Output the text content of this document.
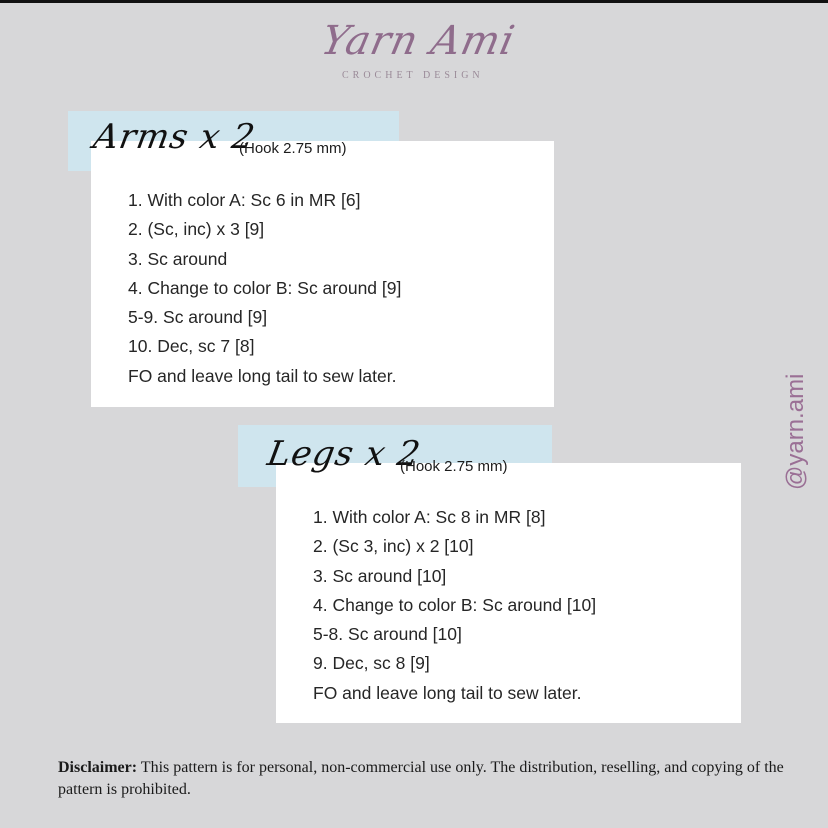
Yarn Ami
CROCHET DESIGN
Arms x 2
(Hook 2.75 mm)
1. With color A: Sc 6 in MR [6]
2. (Sc, inc) x 3 [9]
3. Sc around
4. Change to color B: Sc around [9]
5-9. Sc around [9]
10. Dec, sc 7 [8]
FO and leave long tail to sew later.
Legs x 2
(Hook 2.75 mm)
1. With color A: Sc 8 in MR [8]
2. (Sc 3, inc) x 2 [10]
3. Sc around [10]
4. Change to color B: Sc around [10]
5-8. Sc around [10]
9. Dec, sc 8 [9]
FO and leave long tail to sew later.
@yarn.ami
Disclaimer: This pattern is for personal, non-commercial use only. The distribution, reselling, and copying of the pattern is prohibited.
